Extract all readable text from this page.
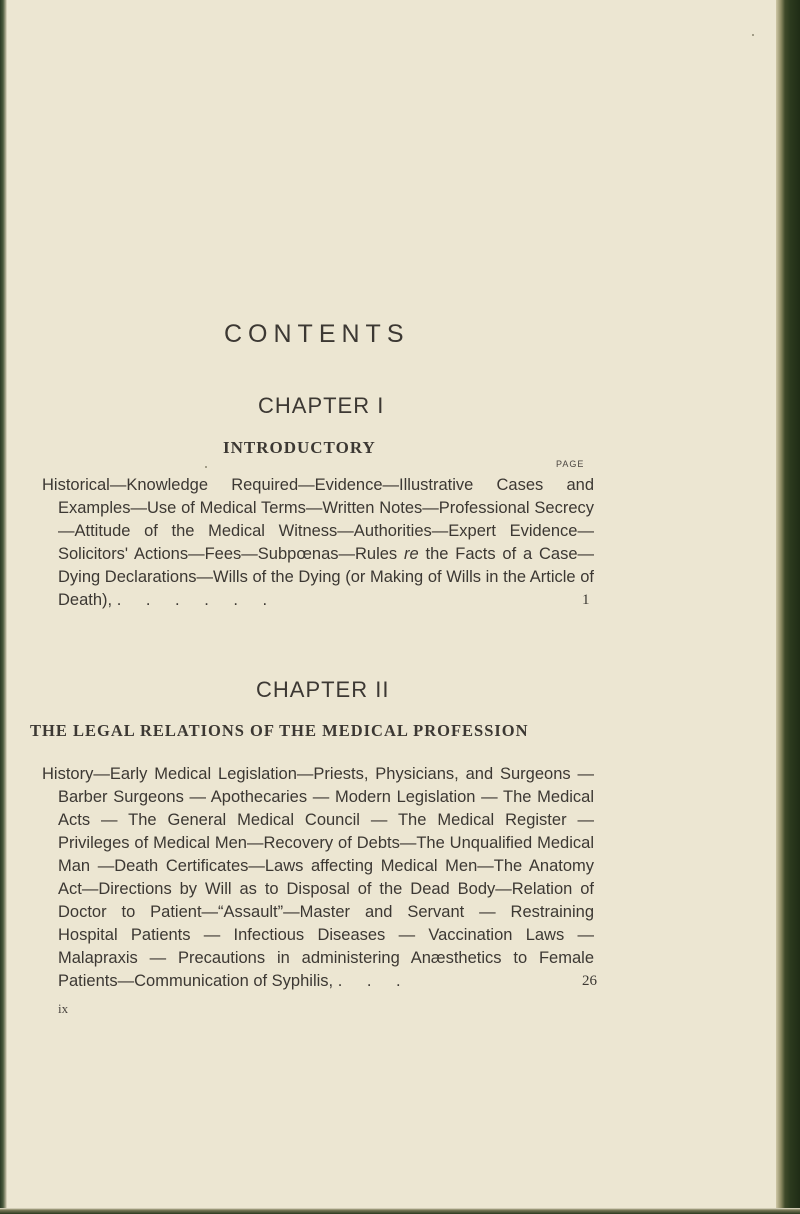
CONTENTS
CHAPTER I
INTRODUCTORY
PAGE

Historical—Knowledge Required—Evidence—Illustrative Cases and Examples—Use of Medical Terms—Written Notes—Professional Secrecy—Attitude of the Medical Witness—Authorities—Expert Evidence—Solicitors' Actions—Fees—Subpœnas—Rules re the Facts of a Case—Dying Declarations—Wills of the Dying (or Making of Wills in the Article of Death), . . . . . .	1

CHAPTER II
THE LEGAL RELATIONS OF THE MEDICAL PROFESSION

History—Early Medical Legislation—Priests, Physicians, and Surgeons — Barber Surgeons — Apothecaries — Modern Legislation — The Medical Acts — The General Medical Council — The Medical Register — Privileges of Medical Men—Recovery of Debts—The Unqualified Medical Man —Death Certificates—Laws affecting Medical Men—The Anatomy Act—Directions by Will as to Disposal of the Dead Body—Relation of Doctor to Patient—“Assault”—Master and Servant — Restraining Hospital Patients — Infectious Diseases — Vaccination Laws — Malapraxis — Precautions in administering Anæsthetics to Female Patients—Communication of Syphilis, . . .	26

ix
